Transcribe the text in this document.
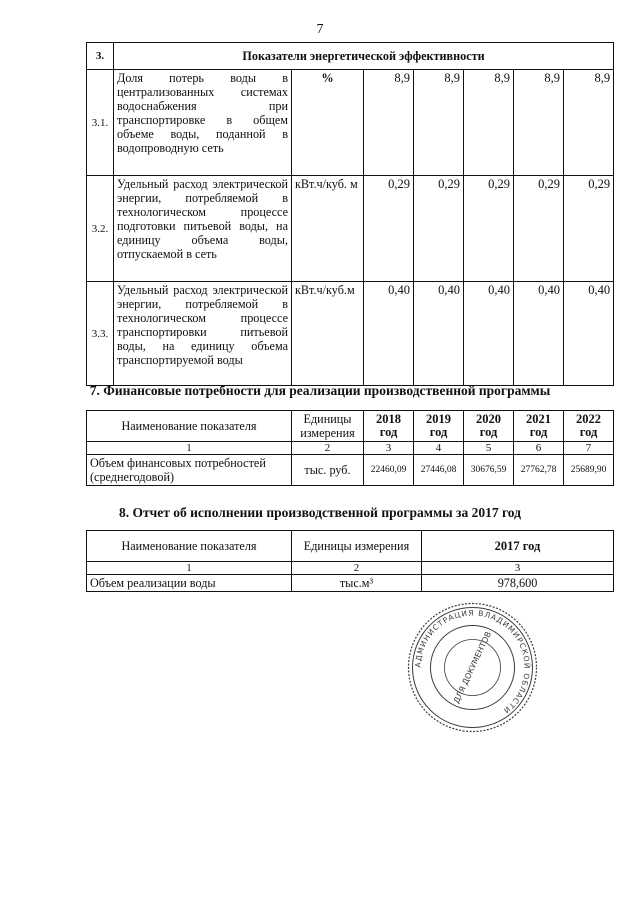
7
3.	Показатели энергетической эффективности						
3.1.	Доля потерь воды в централизованных системах водоснабжения при транспортировке в общем объеме воды, поданной в водопроводную сеть	%	8,9	8,9	8,9	8,9	8,9
3.2.	Удельный расход электрической энергии, потребляемой в технологическом процессе подготовки питьевой воды, на единицу объема воды, отпускаемой в сеть	кВт.ч/куб. м	0,29	0,29	0,29	0,29	0,29
3.3.	Удельный расход электрической энергии, потребляемой в технологическом процессе транспортировки питьевой воды, на единицу объема транспортируемой воды	кВт.ч/куб.м	0,40	0,40	0,40	0,40	0,40
7. Финансовые потребности для реализации производственной программы
Наименование показателя	Единицы измерения	2018 год	2019 год	2020 год	2021 год	2022 год
1	2	3	4	5	6	7
Объем финансовых потребностей (среднегодовой)	тыс. руб.	22460,09	27446,08	30676,59	27762,78	25689,90
8. Отчет об исполнении производственной программы за 2017 год
Наименование показателя	Единицы измерения	2017 год
1	2	3
Объем реализации воды	тыс.м³	978,600
АДМИНИСТРАЦИЯ ВЛАДИМИРСКОЙ ОБЛАСТИ
ДЛЯ ДОКУМЕНТОВ
